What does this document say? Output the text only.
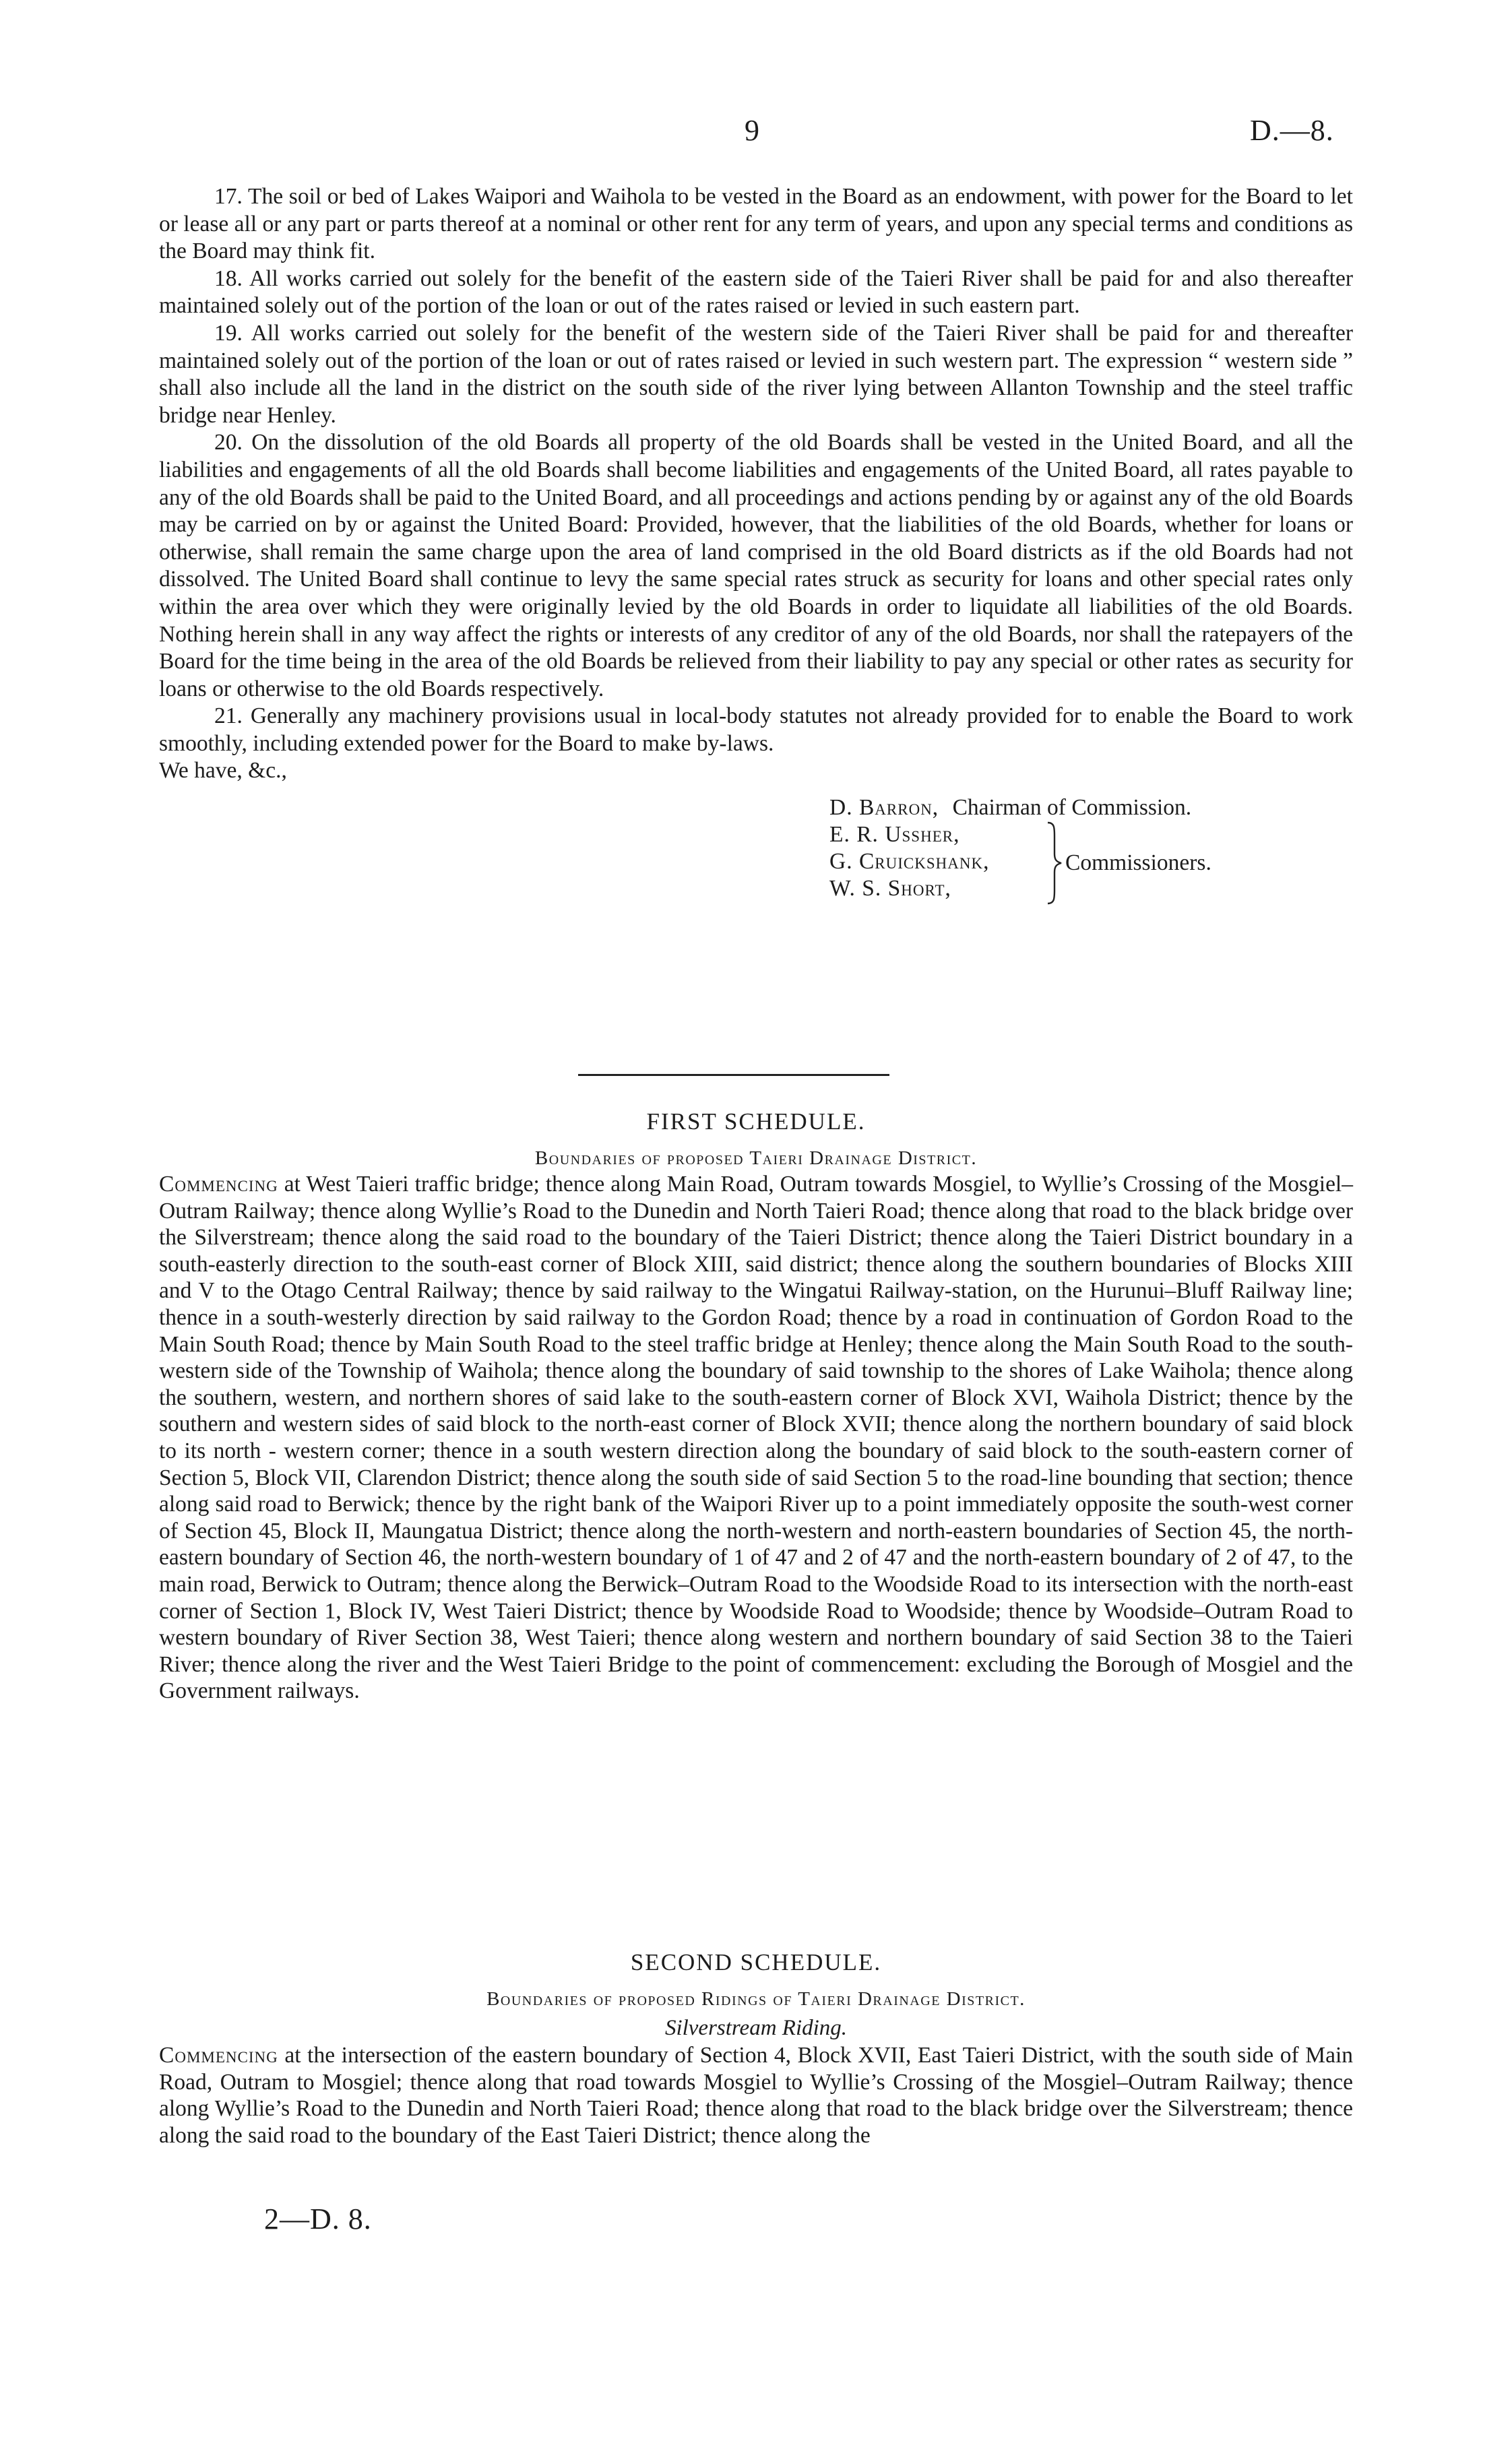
9	D.—8.

17. The soil or bed of Lakes Waipori and Waihola to be vested in the Board as an endowment, with power for the Board to let or lease all or any part or parts thereof at a nominal or other rent for any term of years, and upon any special terms and conditions as the Board may think fit.

18. All works carried out solely for the benefit of the eastern side of the Taieri River shall be paid for and also thereafter maintained solely out of the portion of the loan or out of the rates raised or levied in such eastern part.

19. All works carried out solely for the benefit of the western side of the Taieri River shall be paid for and thereafter maintained solely out of the portion of the loan or out of rates raised or levied in such western part. The expression “ western side ” shall also include all the land in the district on the south side of the river lying between Allanton Township and the steel traffic bridge near Henley.

20. On the dissolution of the old Boards all property of the old Boards shall be vested in the United Board, and all the liabilities and engagements of all the old Boards shall become liabilities and engagements of the United Board, all rates payable to any of the old Boards shall be paid to the United Board, and all proceedings and actions pending by or against any of the old Boards may be carried on by or against the United Board: Provided, however, that the liabilities of the old Boards, whether for loans or otherwise, shall remain the same charge upon the area of land comprised in the old Board districts as if the old Boards had not dissolved. The United Board shall continue to levy the same special rates struck as security for loans and other special rates only within the area over which they were originally levied by the old Boards in order to liquidate all liabilities of the old Boards. Nothing herein shall in any way affect the rights or interests of any creditor of any of the old Boards, nor shall the ratepayers of the Board for the time being in the area of the old Boards be relieved from their liability to pay any special or other rates as security for loans or otherwise to the old Boards respectively.

21. Generally any machinery provisions usual in local-body statutes not already provided for to enable the Board to work smoothly, including extended power for the Board to make by-laws.

We have, &c.,

D. Barron, Chairman of Commission.
E. R. Ussher,
G. Cruickshank,
W. S. Short,
Commissioners.

FIRST SCHEDULE.

Boundaries of proposed Taieri Drainage District.

Commencing at West Taieri traffic bridge; thence along Main Road, Outram towards Mosgiel, to Wyllie’s Crossing of the Mosgiel–Outram Railway; thence along Wyllie’s Road to the Dunedin and North Taieri Road; thence along that road to the black bridge over the Silverstream; thence along the said road to the boundary of the Taieri District; thence along the Taieri District boundary in a south-easterly direction to the south-east corner of Block XIII, said district; thence along the southern boundaries of Blocks XIII and V to the Otago Central Railway; thence by said railway to the Wingatui Railway-station, on the Hurunui–Bluff Railway line; thence in a south-westerly direction by said railway to the Gordon Road; thence by a road in continuation of Gordon Road to the Main South Road; thence by Main South Road to the steel traffic bridge at Henley; thence along the Main South Road to the south-western side of the Township of Waihola; thence along the boundary of said township to the shores of Lake Waihola; thence along the southern, western, and northern shores of said lake to the south-eastern corner of Block XVI, Waihola District; thence by the southern and western sides of said block to the north-east corner of Block XVII; thence along the northern boundary of said block to its north - western corner; thence in a south western direction along the boundary of said block to the south-eastern corner of Section 5, Block VII, Clarendon District; thence along the south side of said Section 5 to the road-line bounding that section; thence along said road to Berwick; thence by the right bank of the Waipori River up to a point immediately opposite the south-west corner of Section 45, Block II, Maungatua District; thence along the north-western and north-eastern boundaries of Section 45, the north-eastern boundary of Section 46, the north-western boundary of 1 of 47 and 2 of 47 and the north-eastern boundary of 2 of 47, to the main road, Berwick to Outram; thence along the Berwick–Outram Road to the Woodside Road to its intersection with the north-east corner of Section 1, Block IV, West Taieri District; thence by Woodside Road to Woodside; thence by Woodside–Outram Road to western boundary of River Section 38, West Taieri; thence along western and northern boundary of said Section 38 to the Taieri River; thence along the river and the West Taieri Bridge to the point of commencement: excluding the Borough of Mosgiel and the Government railways.

SECOND SCHEDULE.

Boundaries of proposed Ridings of Taieri Drainage District.

Silverstream Riding.

Commencing at the intersection of the eastern boundary of Section 4, Block XVII, East Taieri District, with the south side of Main Road, Outram to Mosgiel; thence along that road towards Mosgiel to Wyllie’s Crossing of the Mosgiel–Outram Railway; thence along Wyllie’s Road to the Dunedin and North Taieri Road; thence along that road to the black bridge over the Silverstream; thence along the said road to the boundary of the East Taieri District; thence along the

2—D. 8.
